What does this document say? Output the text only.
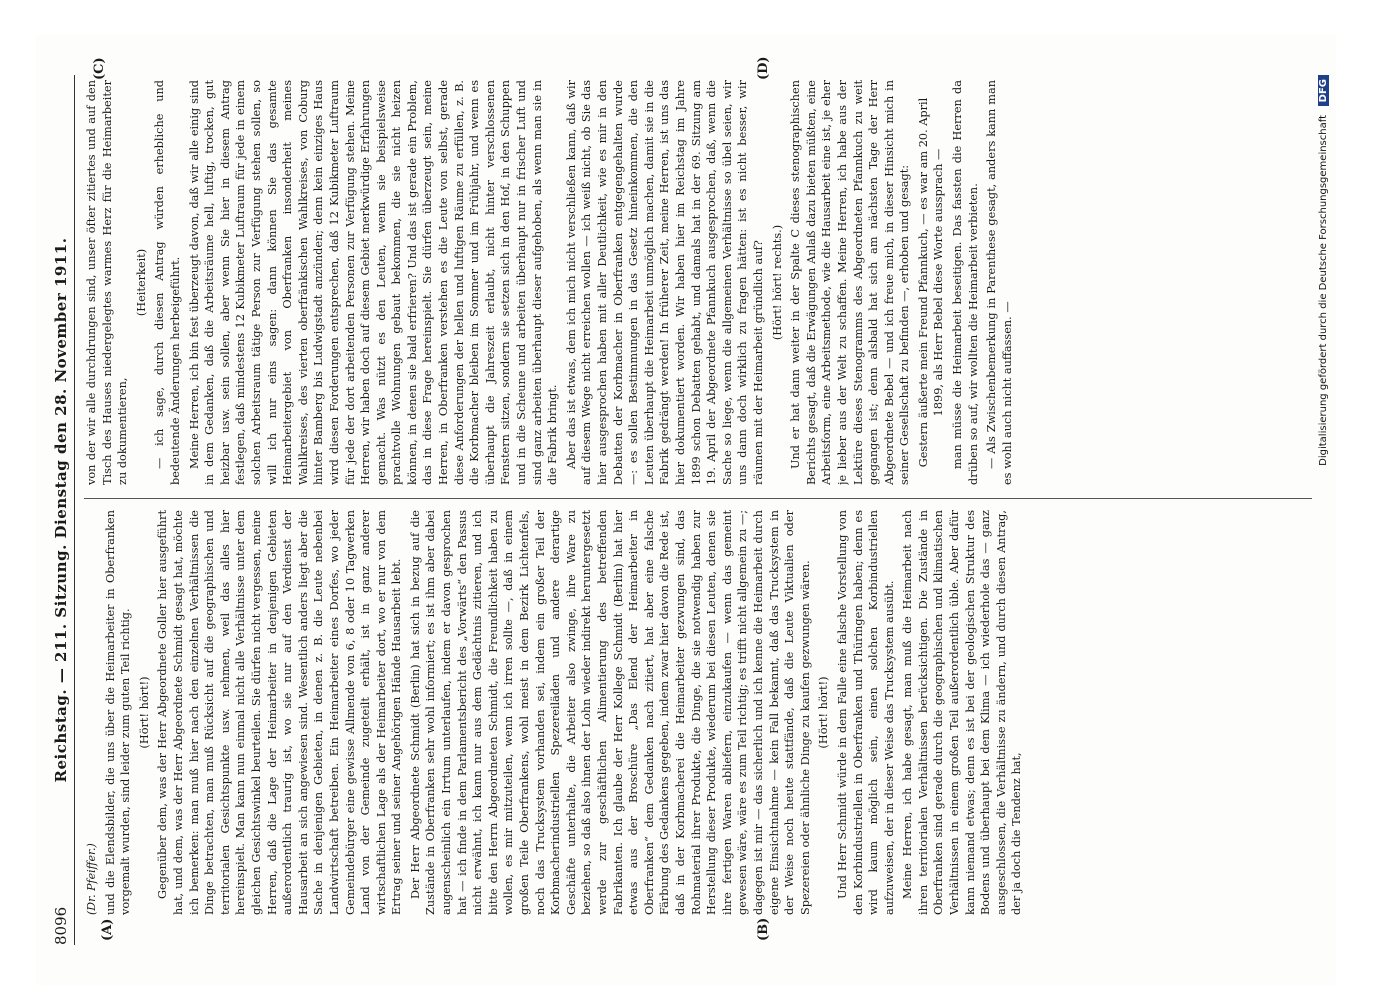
8096
Reichstag. — 211. Sitzung. Dienstag den 28. November 1911.
(A)	(B)
(C)	(D)

(Dr. Pfeiffer.) und die Elendsbilder, die uns über die Heimarbeiter in Oberfranken vorgemalt wurden, sind leider zum guten Teil richtig. (Hört! hört!) Gegenüber dem, was der Herr Abgeordnete Goller hier ausgeführt hat, und dem, was der Herr Abgeordnete Schmidt gesagt hat, möchte ich bemerken: man muß hier nach den einzelnen Verhältnissen die Dinge betrachten, man muß Rücksicht auf die geographischen und territorialen Gesichtspunkte usw. nehmen, weil das alles hier hereinspielt. Man kann nun einmal nicht alle Verhältnisse unter dem gleichen Gesichtswinkel beurteilen. Sie dürfen nicht vergessen, meine Herren, daß die Lage der Heimarbeiter in denjenigen Gebieten außerordentlich traurig ist, wo sie nur auf den Verdienst der Hausarbeit an sich angewiesen sind. Wesentlich anders liegt aber die Sache in denjenigen Gebieten, in denen z. B. die Leute nebenbei Landwirtschaft betreiben. Ein Heimarbeiter eines Dorfes, wo jeder Gemeindebürger eine gewisse Allmende von 6, 8 oder 10 Tagwerken Land von der Gemeinde zugeteilt erhält, ist in ganz anderer wirtschaftlichen Lage als der Heimarbeiter dort, wo er nur von dem Ertrag seiner und seiner Angehörigen Hände Hausarbeit lebt. Der Herr Abgeordnete Schmidt (Berlin) hat sich in bezug auf die Zustände in Oberfranken sehr wohl informiert; es ist ihm aber dabei augenscheinlich ein Irrtum unterlaufen, indem er davon gesprochen hat — ich finde in dem Parlamentsbericht des „Vorwärts“ den Passus nicht erwähnt, ich kann nur aus dem Gedächtnis zitieren, und ich bitte den Herrn Abgeordneten Schmidt, die Freundlichkeit haben zu wollen, es mir mitzuteilen, wenn ich irren sollte —, daß in einem großen Teile Oberfrankens, wohl meist in dem Bezirk Lichtenfels, noch das Trucksystem vorhanden sei, indem ein großer Teil der Korbmacherindustriellen Spezereiläden und andere derartige Geschäfte unterhalte, die Arbeiter also zwinge, ihre Ware zu beziehen, so daß also ihnen der Lohn wieder indirekt heruntergesetzt werde zur geschäftlichen Alimentierung des betreffenden Fabrikanten. Ich glaube der Herr Kollege Schmidt (Berlin) hat hier etwas aus der Broschüre „Das Elend der Heimarbeiter in Oberfranken“ dem Gedanken nach zitiert, hat aber eine falsche Färbung des Gedankens gegeben, indem zwar hier davon die Rede ist, daß in der Korbmacherei die Heimarbeiter gezwungen sind, das Rohmaterial ihrer Produkte, die Dinge, die sie notwendig haben zur Herstellung dieser Produkte, wiederum bei diesen Leuten, denen sie ihre fertigen Waren abliefern, einzukaufen — wenn das gemeint gewesen wäre, wäre es zum Teil richtig; es trifft nicht allgemein zu —; dagegen ist mir — das sicherlich und ich kenne die Heimarbeit durch eigene Einsichtnahme — kein Fall bekannt, daß das Trucksystem in der Weise noch heute stattfände, daß die Leute Viktualien oder Spezereien oder ähnliche Dinge zu kaufen gezwungen wären. (Hört! hört!) Und Herr Schmidt würde in dem Falle eine falsche Vorstellung von den Korbindustriellen in Oberfranken und Thüringen haben; denn es wird kaum möglich sein, einen solchen Korbindustriellen aufzuweisen, der in dieser Weise das Trucksystem ausübt. Meine Herren, ich habe gesagt, man muß die Heimarbeit nach ihren territorialen Verhältnissen berücksichtigen. Die Zustände in Oberfranken sind gerade durch die geographischen und klimatischen Verhältnissen in einem großen Teil außerordentlich üble. Aber dafür kann niemand etwas; denn es ist bei der geologischen Struktur des Bodens und überhaupt bei dem Klima — ich wiederhole das — ganz ausgeschlossen, die Verhältnisse zu ändern, und durch diesen Antrag, der ja doch die Tendenz hat,

von der wir alle durchdrungen sind, unser öfter zitiertes und auf den Tisch des Hauses niedergelegtes warmes Herz für die Heimarbeiter zu dokumentieren,

(Heiterkeit) — ich sage, durch diesen Antrag würden erhebliche und bedeutende Änderungen herbeigeführt. Meine Herren, ich bin fest überzeugt davon, daß wir alle einig sind in dem Gedanken, daß die Arbeitsräume hell, luftig, trocken, gut heizbar usw. sein sollen, aber wenn Sie hier in diesem Antrag festlegen, daß mindestens 12 Kubikmeter Luftraum für jede in einem solchen Arbeitsraum tätige Person zur Verfügung stehen sollen, so will ich nur eins sagen: dann können Sie das gesamte Heimarbeitergebiet von Oberfranken insonderheit meines Wahlkreises, des vierten oberfränkischen Wahlkreises, von Coburg hinter Bamberg bis Ludwigstadt anzünden; denn kein einziges Haus wird diesen Forderungen entsprechen, daß 12 Kubikmeter Luftraum für jede der dort arbeitenden Personen zur Verfügung stehen. Meine Herren, wir haben doch auf diesem Gebiet merkwürdige Erfahrungen gemacht. Was nützt es den Leuten, wenn sie beispielsweise prachtvolle Wohnungen gebaut bekommen, die sie nicht heizen können, in denen sie bald erfrieren? Und das ist gerade ein Problem, das in diese Frage hereinspielt. Sie dürfen überzeugt sein, meine Herren, in Oberfranken verstehen es die Leute von selbst, gerade diese Anforderungen der hellen und luftigen Räume zu erfüllen, z. B. die Korbmacher bleiben im Sommer und im Frühjahr, und wenn es überhaupt die Jahreszeit erlaubt, nicht hinter verschlossenen Fenstern sitzen, sondern sie setzen sich in den Hof, in den Schuppen und in die Scheune und arbeiten überhaupt nur in frischer Luft und sind ganz arbeiten überhaupt dieser aufgehoben, als wenn man sie in die Fabrik bringt. Aber das ist etwas, dem ich mich nicht verschließen kann, daß wir auf diesem Wege nicht erreichen wollen — ich weiß nicht, ob Sie das hier ausgesprochen haben mit aller Deutlichkeit, wie es mir in den Debatten der Korbmacher in Oberfranken entgegengehalten wurde —: es sollen Bestimmungen in das Gesetz hineinkommen, die den Leuten überhaupt die Heimarbeit unmöglich machen, damit sie in die Fabrik gedrängt werden! In früherer Zeit, meine Herren, ist uns das hier dokumentiert worden. Wir haben hier im Reichstag im Jahre 1899 schon Debatten gehabt, und damals hat in der 69. Sitzung am 19. April der Abgeordnete Pfannkuch ausgesprochen, daß, wenn die Sache so liege, wenn die allgemeinen Verhältnisse so übel seien, wir uns dann doch wirklich zu fragen hätten: ist es nicht besser, wir räumen mit der Heimarbeit gründlich auf? (Hört! hört! rechts.) Und er hat dann weiter in der Spalte C dieses stenographischen Berichts gesagt, daß die Erwägungen Anlaß dazu bieten müßten, eine Arbeitsform, eine Arbeitsmethode, wie die Hausarbeit eine ist, je eher je lieber aus der Welt zu schaffen. Meine Herren, ich habe aus der Lektüre dieses Stenogramms des Abgeordneten Pfannkuch zu weit gegangen ist; denn alsbald hat sich am nächsten Tage der Herr Abgeordnete Bebel — und ich freue mich, in dieser Hinsicht mich in seiner Gesellschaft zu befinden —, erhoben und gesagt: Gestern äußerte mein Freund Pfannkuch, — es war am 20. April 1899, als Herr Bebel diese Worte aussprach — man müsse die Heimarbeit beseitigen. Das fassten die Herren da drüben so auf, wir wollten die Heimarbeit verbieten. — Als Zwischenbemerkung in Parenthese gesagt, anders kann man es wohl auch nicht auffassen. —	Digitalisierung gefördert durch die Deutsche Forschungsgemeinschaft
DFG
